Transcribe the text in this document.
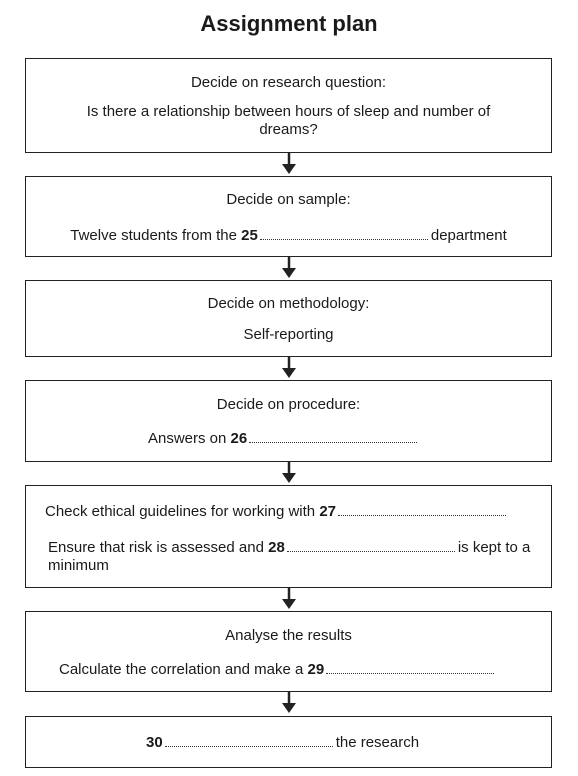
Assignment plan

Decide on research question:

Is there a relationship between hours of sleep and number of dreams?

Decide on sample:

Twelve students from the 25	department

Decide on methodology:

Self-reporting

Decide on procedure:

Answers on 26

Check ethical guidelines for working with 27

Ensure that risk is assessed and 28	is kept to a minimum

Analyse the results

Calculate the correlation and make a 29

30	the research
